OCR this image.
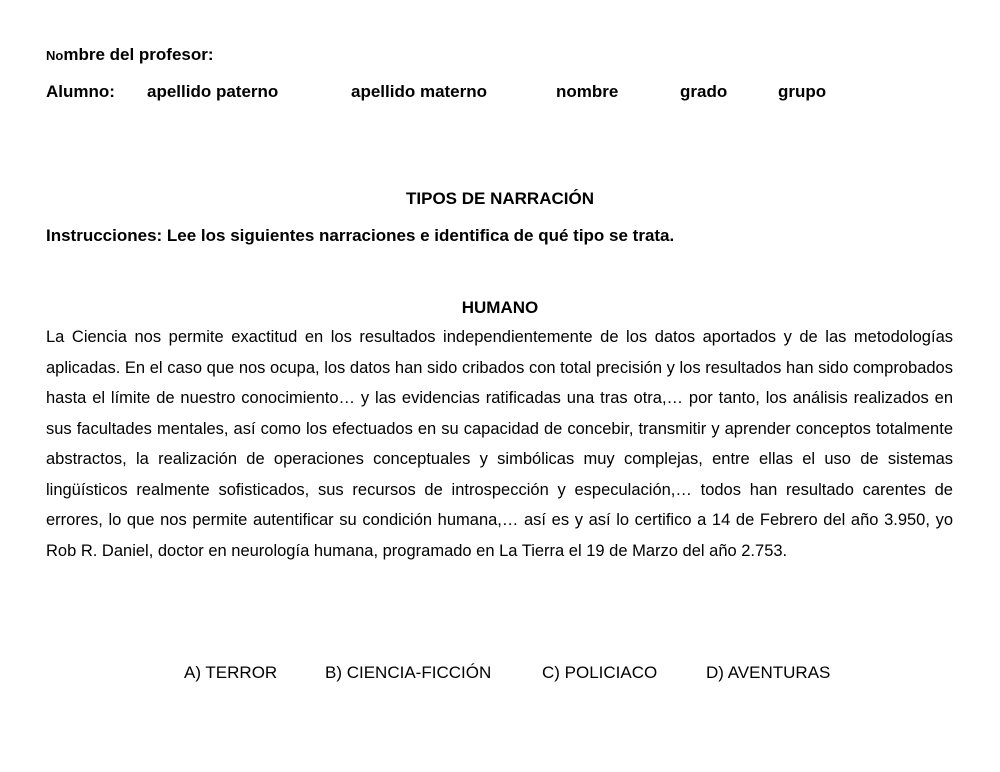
Nombre del profesor:
Alumno: apellido paterno	apellido materno	nombre	grado	grupo
TIPOS DE NARRACIÓN
Instrucciones: Lee los siguientes narraciones e identifica de qué tipo se trata.
HUMANO

La Ciencia nos permite exactitud en los resultados independientemente de los datos aportados y de las metodologías aplicadas. En el caso que nos ocupa, los datos han sido cribados con total precisión y los resultados han sido comprobados hasta el límite de nuestro conocimiento… y las evidencias ratificadas una tras otra,… por tanto, los análisis realizados en sus facultades mentales, así como los efectuados en su capacidad de concebir, transmitir y aprender conceptos totalmente abstractos, la realización de operaciones conceptuales y simbólicas muy complejas, entre ellas el uso de sistemas lingüísticos realmente sofisticados, sus recursos de introspección y especulación,… todos han resultado carentes de errores, lo que nos permite autentificar su condición humana,… así es y así lo certifico a 14 de Febrero del año 3.950, yo Rob R. Daniel, doctor en neurología humana, programado en La Tierra el 19 de Marzo del año 2.753.

A) TERROR	B) CIENCIA-FICCIÓN	C) POLICIACO	D) AVENTURAS
